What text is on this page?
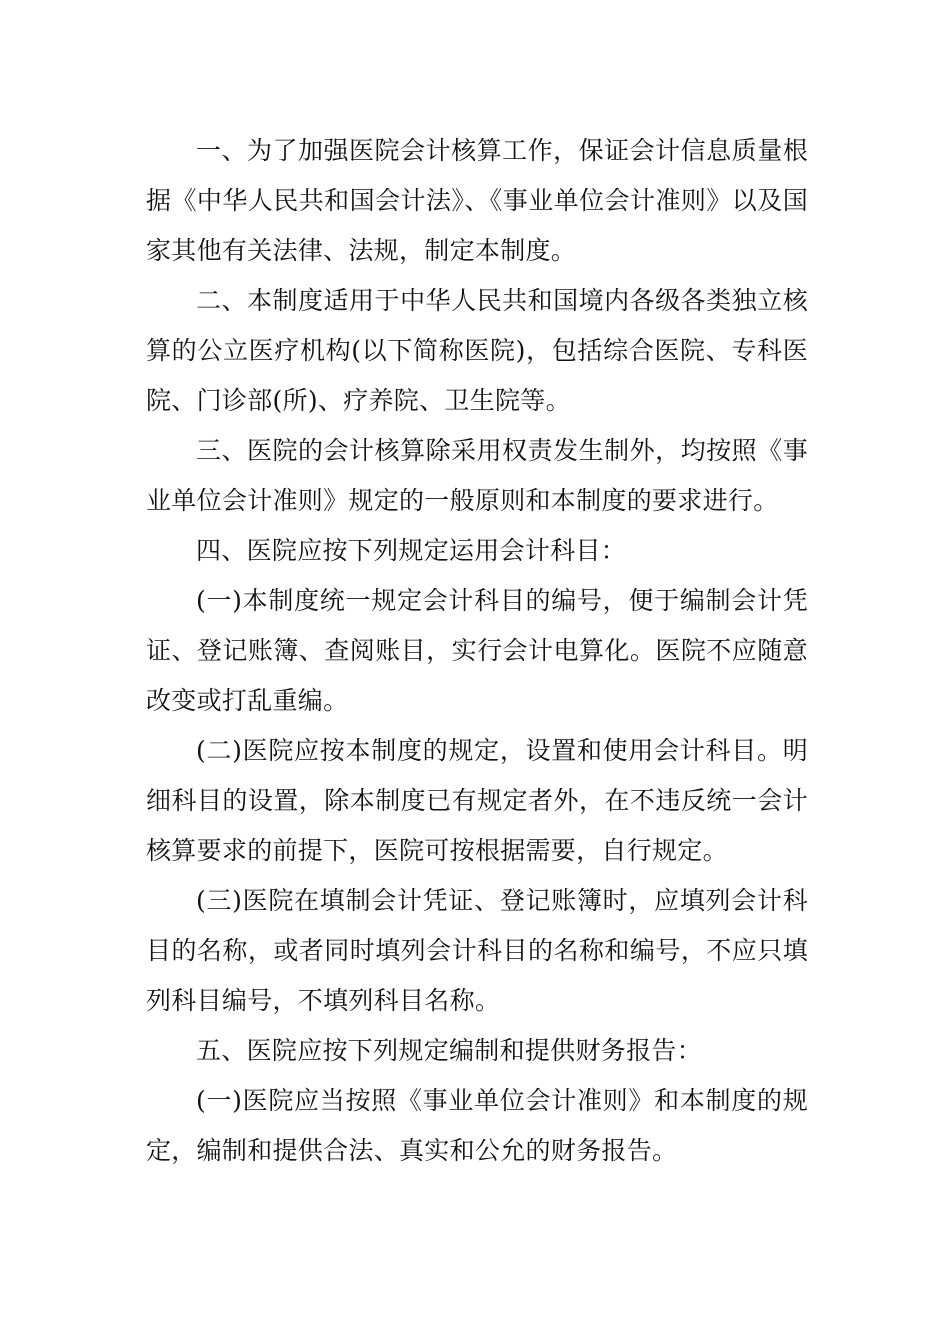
一、为了加强医院会计核算工作，保证会计信息质量根据《中华人民共和国会计法》、《事业单位会计准则》以及国家其他有关法律、法规，制定本制度。

二、本制度适用于中华人民共和国境内各级各类独立核算的公立医疗机构(以下简称医院)，包括综合医院、专科医院、门诊部(所)、疗养院、卫生院等。

三、医院的会计核算除采用权责发生制外，均按照《事业单位会计准则》规定的一般原则和本制度的要求进行。

四、医院应按下列规定运用会计科目：

(一)本制度统一规定会计科目的编号，便于编制会计凭证、登记账簿、查阅账目，实行会计电算化。医院不应随意改变或打乱重编。

(二)医院应按本制度的规定，设置和使用会计科目。明细科目的设置，除本制度已有规定者外，在不违反统一会计核算要求的前提下，医院可按根据需要，自行规定。

(三)医院在填制会计凭证、登记账簿时，应填列会计科目的名称，或者同时填列会计科目的名称和编号，不应只填列科目编号，不填列科目名称。

五、医院应按下列规定编制和提供财务报告：

(一)医院应当按照《事业单位会计准则》和本制度的规定，编制和提供合法、真实和公允的财务报告。
